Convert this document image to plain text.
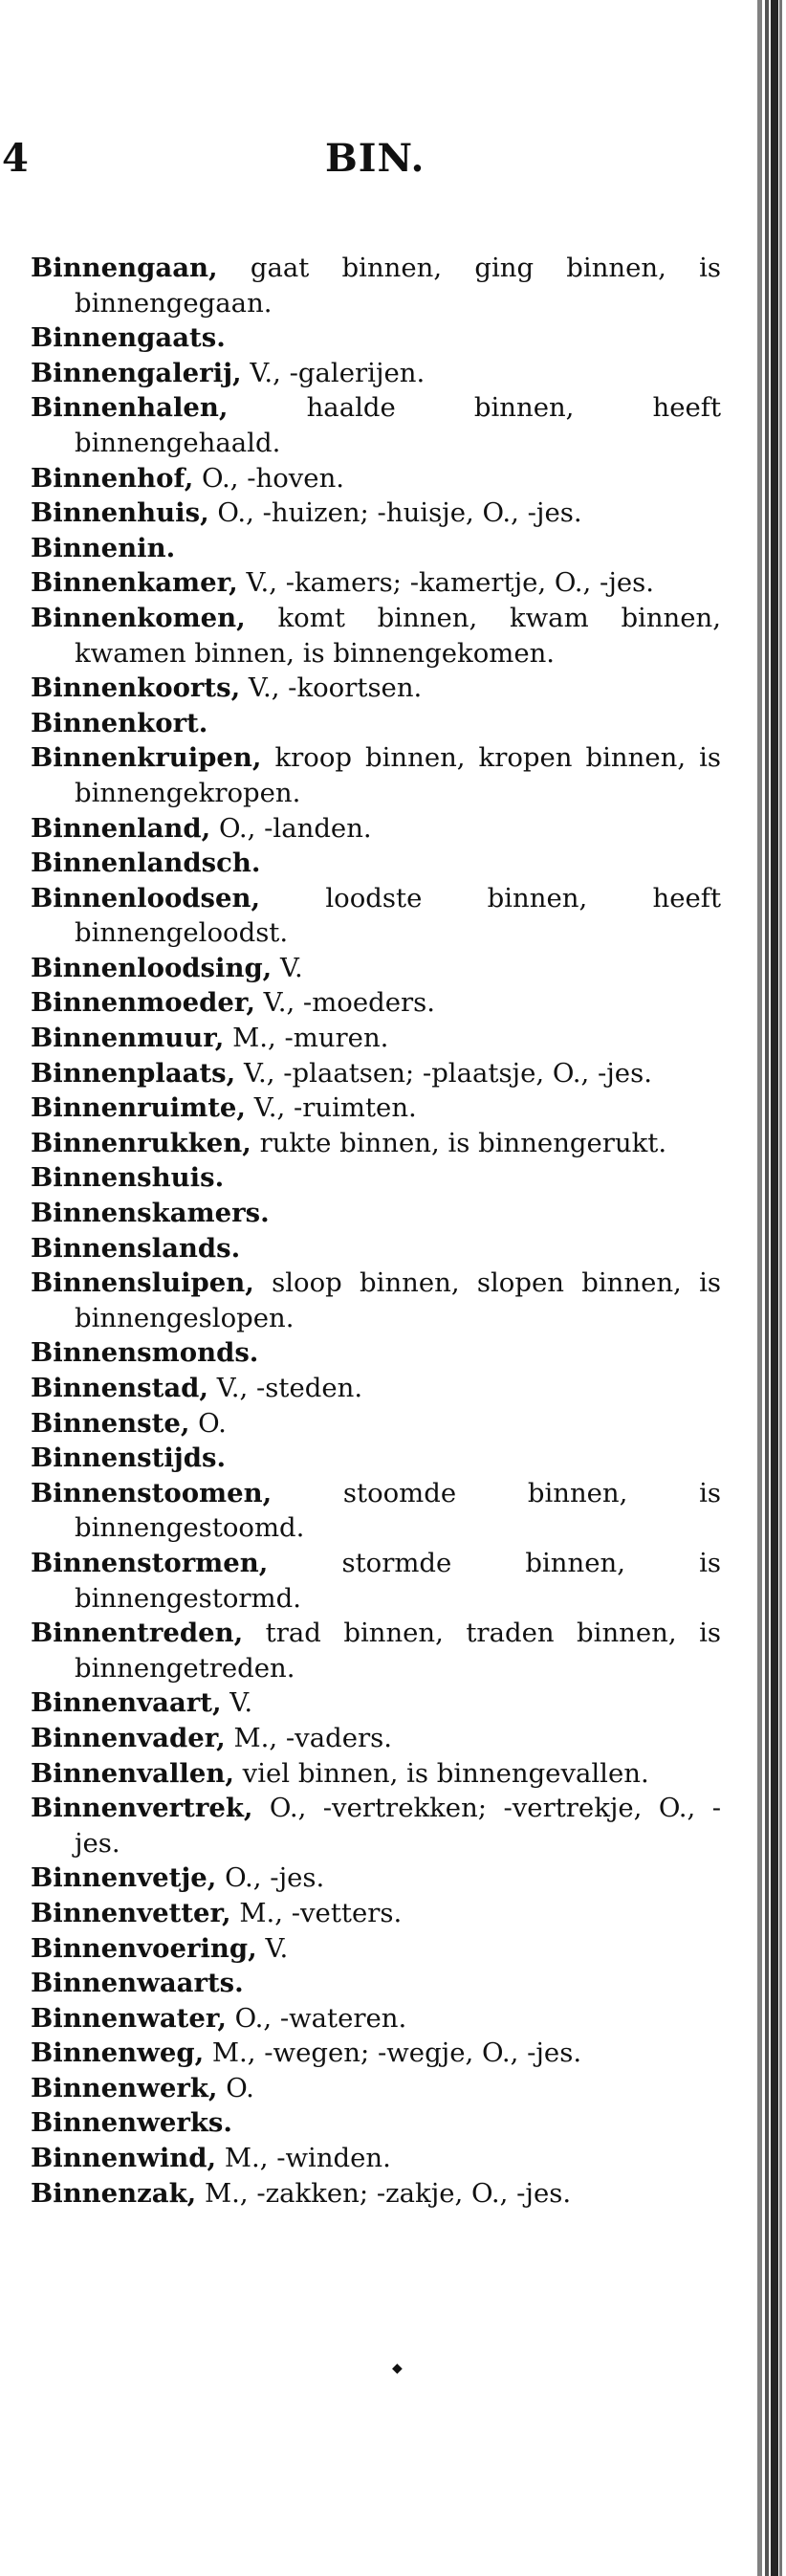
4	BIN.

Binnengaan, gaat binnen, ging binnen, is binnengegaan.

Binnengaats.

Binnengalerij, V., -galerijen.

Binnenhalen, haalde binnen, heeft binnengehaald.

Binnenhof, O., -hoven.

Binnenhuis, O., -huizen; -huisje, O., -jes.

Binnenin.

Binnenkamer, V., -kamers; -kamertje, O., -jes.

Binnenkomen, komt binnen, kwam binnen, kwamen binnen, is binnengekomen.

Binnenkoorts, V., -koortsen.

Binnenkort.

Binnenkruipen, kroop binnen, kropen binnen, is binnengekropen.

Binnenland, O., -landen.

Binnenlandsch.

Binnenloodsen, loodste binnen, heeft binnengeloodst.

Binnenloodsing, V.

Binnenmoeder, V., -moeders.

Binnenmuur, M., -muren.

Binnenplaats, V., -plaatsen; -plaatsje, O., -jes.

Binnenruimte, V., -ruimten.

Binnenrukken, rukte binnen, is binnengerukt.

Binnenshuis.

Binnenskamers.

Binnenslands.

Binnensluipen, sloop binnen, slopen binnen, is binnengeslopen.

Binnensmonds.

Binnenstad, V., -steden.

Binnenste, O.

Binnenstijds.

Binnenstoomen, stoomde binnen, is binnengestoomd.

Binnenstormen, stormde binnen, is binnengestormd.

Binnentreden, trad binnen, traden binnen, is binnengetreden.

Binnenvaart, V.

Binnenvader, M., -vaders.

Binnenvallen, viel binnen, is binnengevallen.

Binnenvertrek, O., -vertrekken; -vertrekje, O., -jes.

Binnenvetje, O., -jes.

Binnenvetter, M., -vetters.

Binnenvoering, V.

Binnenwaarts.

Binnenwater, O., -wateren.

Binnenweg, M., -wegen; -wegje, O., -jes.

Binnenwerk, O.

Binnenwerks.

Binnenwind, M., -winden.

Binnenzak, M., -zakken; -zakje, O., -jes.

◆
